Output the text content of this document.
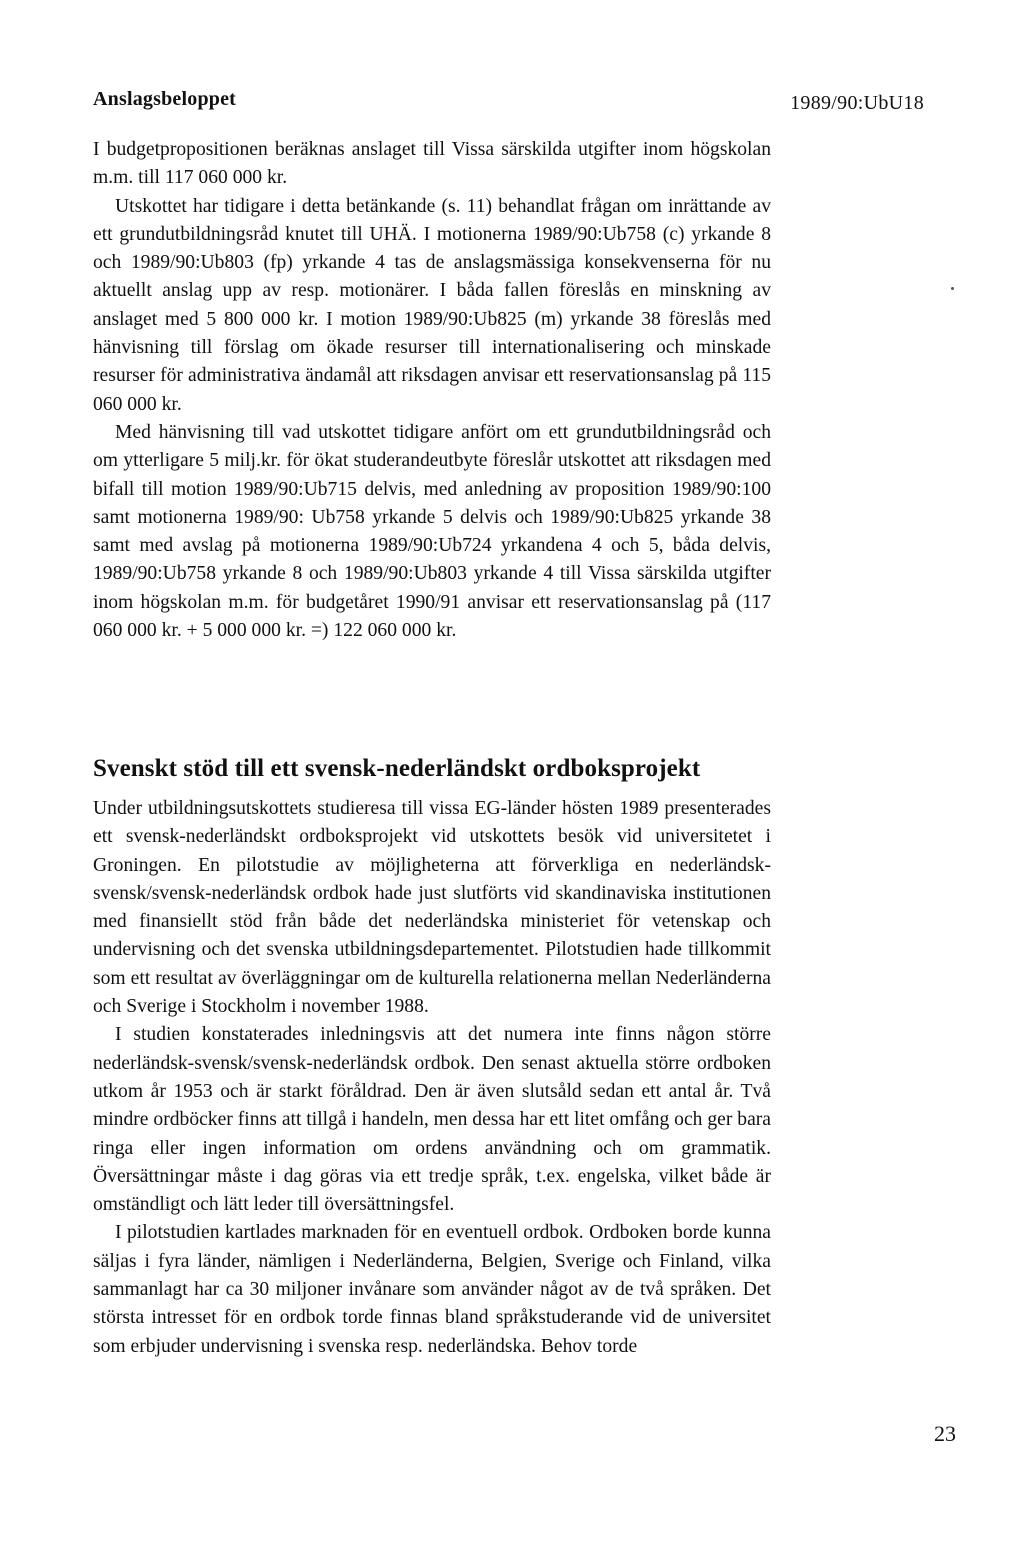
Anslagsbeloppet	1989/90:UbU18

I budgetpropositionen beräknas anslaget till Vissa särskilda utgifter inom högskolan m.m. till 117 060 000 kr.

Utskottet har tidigare i detta betänkande (s. 11) behandlat frågan om inrättande av ett grundutbildningsråd knutet till UHÄ. I motionerna 1989/90:Ub758 (c) yrkande 8 och 1989/90:Ub803 (fp) yrkande 4 tas de anslagsmässiga konsekvenserna för nu aktuellt anslag upp av resp. motionärer. I båda fallen föreslås en minskning av anslaget med 5 800 000 kr. I motion 1989/90:Ub825 (m) yrkande 38 föreslås med hänvisning till förslag om ökade resurser till internationalisering och minskade resurser för administrativa ändamål att riksdagen anvisar ett reservationsanslag på 115 060 000 kr.

Med hänvisning till vad utskottet tidigare anfört om ett grundutbildningsråd och om ytterligare 5 milj.kr. för ökat studerandeutbyte föreslår utskottet att riksdagen med bifall till motion 1989/90:Ub715 delvis, med anledning av proposition 1989/90:100 samt motionerna 1989/90: Ub758 yrkande 5 delvis och 1989/90:Ub825 yrkande 38 samt med avslag på motionerna 1989/90:Ub724 yrkandena 4 och 5, båda delvis, 1989/90:Ub758 yrkande 8 och 1989/90:Ub803 yrkande 4 till Vissa särskilda utgifter inom högskolan m.m. för budgetåret 1990/91 anvisar ett reservationsanslag på (117 060 000 kr. + 5 000 000 kr. =) 122 060 000 kr.

Svenskt stöd till ett svensk-nederländskt ordboksprojekt

Under utbildningsutskottets studieresa till vissa EG-länder hösten 1989 presenterades ett svensk-nederländskt ordboksprojekt vid utskottets besök vid universitetet i Groningen. En pilotstudie av möjligheterna att förverkliga en nederländsk-svensk/svensk-nederländsk ordbok hade just slutförts vid skandinaviska institutionen med finansiellt stöd från både det nederländska ministeriet för vetenskap och undervisning och det svenska utbildningsdepartementet. Pilotstudien hade tillkommit som ett resultat av överläggningar om de kulturella relationerna mellan Nederländerna och Sverige i Stockholm i november 1988.

I studien konstaterades inledningsvis att det numera inte finns någon större nederländsk-svensk/svensk-nederländsk ordbok. Den senast aktuella större ordboken utkom år 1953 och är starkt föråldrad. Den är även slutsåld sedan ett antal år. Två mindre ordböcker finns att tillgå i handeln, men dessa har ett litet omfång och ger bara ringa eller ingen information om ordens användning och om grammatik. Översättningar måste i dag göras via ett tredje språk, t.ex. engelska, vilket både är omständligt och lätt leder till översättningsfel.

I pilotstudien kartlades marknaden för en eventuell ordbok. Ordboken borde kunna säljas i fyra länder, nämligen i Nederländerna, Belgien, Sverige och Finland, vilka sammanlagt har ca 30 miljoner invånare som använder något av de två språken. Det största intresset för en ordbok torde finnas bland språkstuderande vid de universitet som erbjuder undervisning i svenska resp. nederländska. Behov torde

23
